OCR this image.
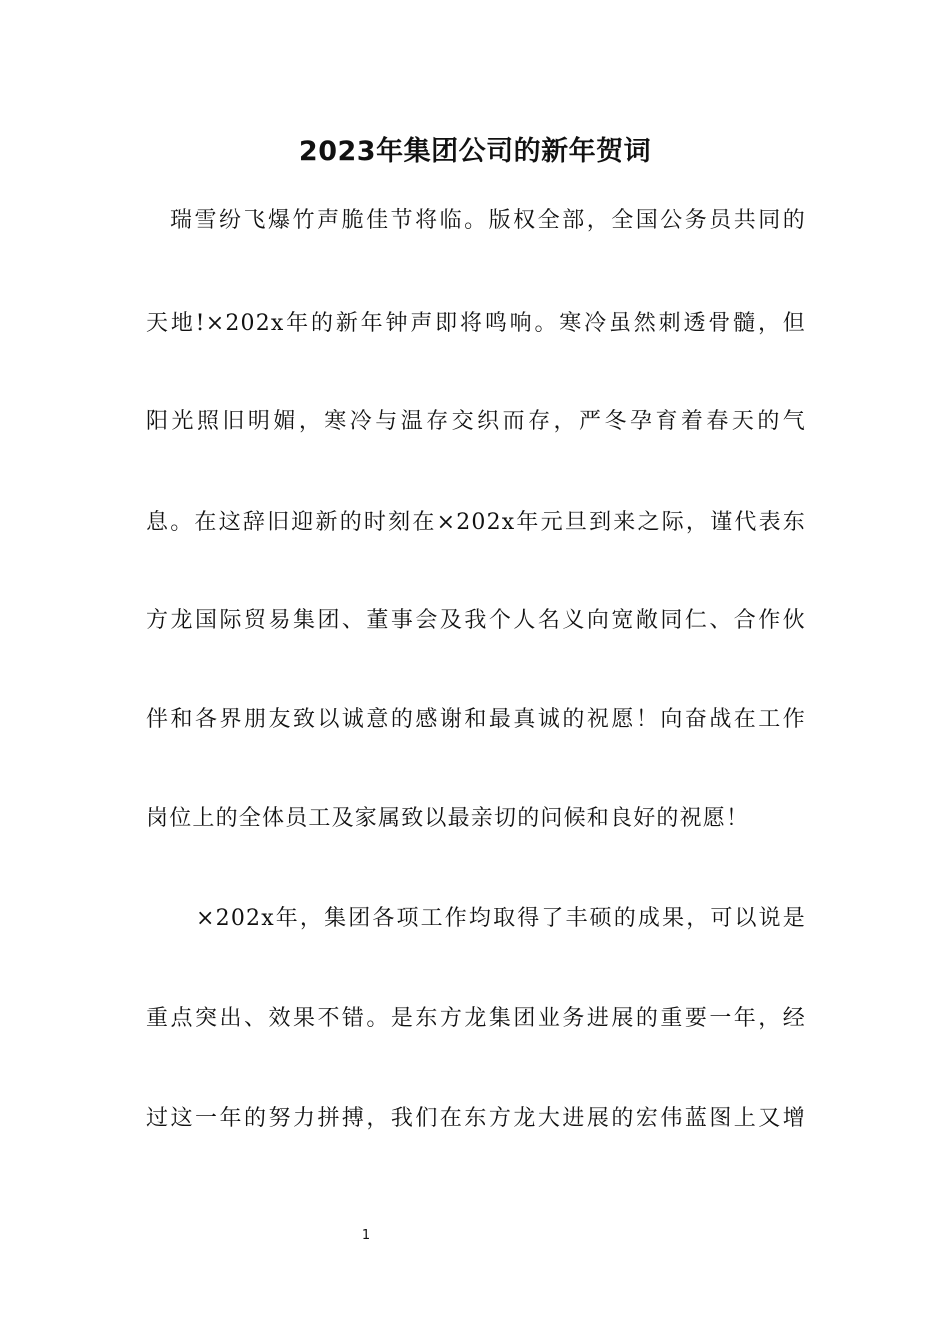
2023年集团公司的新年贺词

瑞雪纷飞爆竹声脆佳节将临。版权全部，全国公务员共同的

天地!×202x年的新年钟声即将鸣响。寒冷虽然刺透骨髓，但

阳光照旧明媚，寒冷与温存交织而存，严冬孕育着春天的气

息。在这辞旧迎新的时刻在×202x年元旦到来之际，谨代表东

方龙国际贸易集团、董事会及我个人名义向宽敞同仁、合作伙

伴和各界朋友致以诚意的感谢和最真诚的祝愿！向奋战在工作

岗位上的全体员工及家属致以最亲切的问候和良好的祝愿！

×202x年，集团各项工作均取得了丰硕的成果，可以说是

重点突出、效果不错。是东方龙集团业务进展的重要一年，经

过这一年的努力拼搏，我们在东方龙大进展的宏伟蓝图上又增

1
